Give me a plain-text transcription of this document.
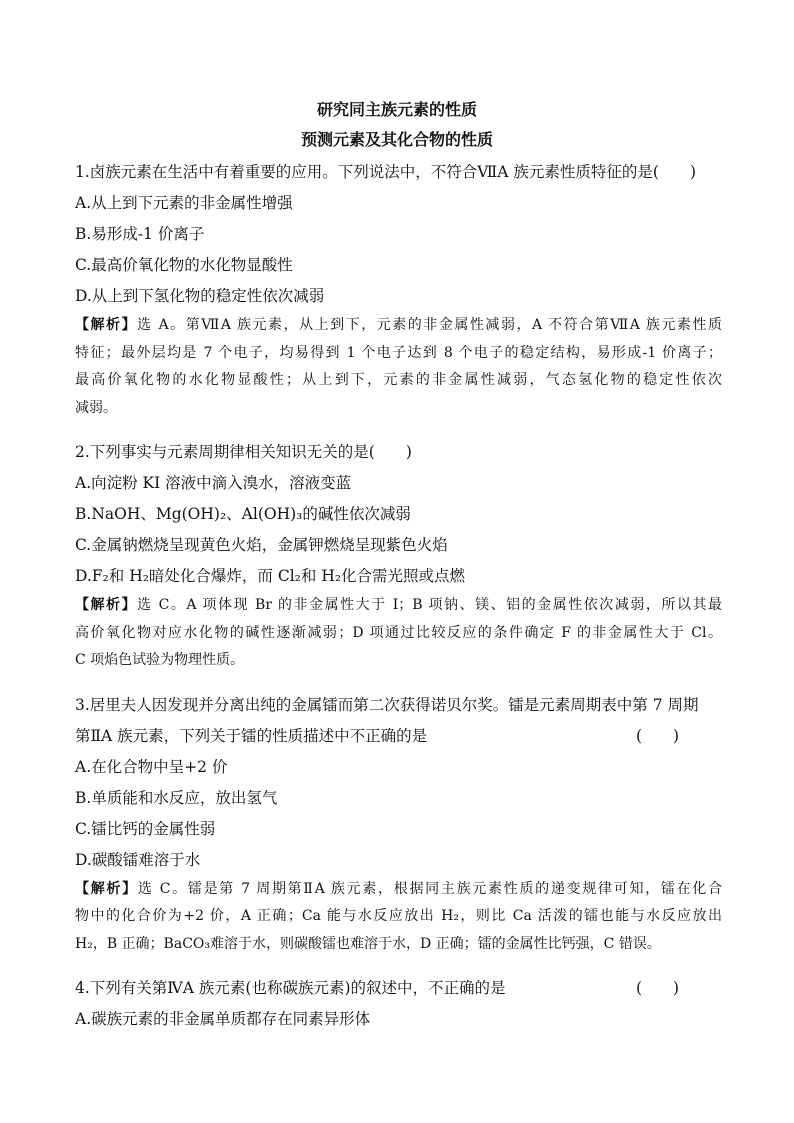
研究同主族元素的性质
预测元素及其化合物的性质
1.卤族元素在生活中有着重要的应用。下列说法中，不符合ⅦA 族元素性质特征的是(　　)
A.从上到下元素的非金属性增强
B.易形成-1 价离子
C.最高价氧化物的水化物显酸性
D.从上到下氢化物的稳定性依次减弱
【解析】选 A。第ⅦA 族元素，从上到下，元素的非金属性减弱，A 不符合第ⅦA 族元素性质
特征；最外层均是 7 个电子，均易得到 1 个电子达到 8 个电子的稳定结构，易形成-1 价离子；
最高价氧化物的水化物显酸性；从上到下，元素的非金属性减弱，气态氢化物的稳定性依次
减弱。
2.下列事实与元素周期律相关知识无关的是(　　)
A.向淀粉 KI 溶液中滴入溴水，溶液变蓝
B.NaOH、Mg(OH)₂、Al(OH)₃的碱性依次减弱
C.金属钠燃烧呈现黄色火焰，金属钾燃烧呈现紫色火焰
D.F₂和 H₂暗处化合爆炸，而 Cl₂和 H₂化合需光照或点燃
【解析】选 C。A 项体现 Br 的非金属性大于 I；B 项钠、镁、铝的金属性依次减弱，所以其最
高价氧化物对应水化物的碱性逐渐减弱；D 项通过比较反应的条件确定 F 的非金属性大于 Cl。
C 项焰色试验为物理性质。
3.居里夫人因发现并分离出纯的金属镭而第二次获得诺贝尔奖。镭是元素周期表中第 7 周期
第ⅡA 族元素，下列关于镭的性质描述中不正确的是	(　　)
A.在化合物中呈+2 价
B.单质能和水反应，放出氢气
C.镭比钙的金属性弱
D.碳酸镭难溶于水
【解析】选 C。镭是第 7 周期第ⅡA 族元素，根据同主族元素性质的递变规律可知，镭在化合
物中的化合价为+2 价，A 正确；Ca 能与水反应放出 H₂，则比 Ca 活泼的镭也能与水反应放出
H₂，B 正确；BaCO₃难溶于水，则碳酸镭也难溶于水，D 正确；镭的金属性比钙强，C 错误。
4.下列有关第ⅣA 族元素(也称碳族元素)的叙述中，不正确的是	(　　)
A.碳族元素的非金属单质都存在同素异形体
